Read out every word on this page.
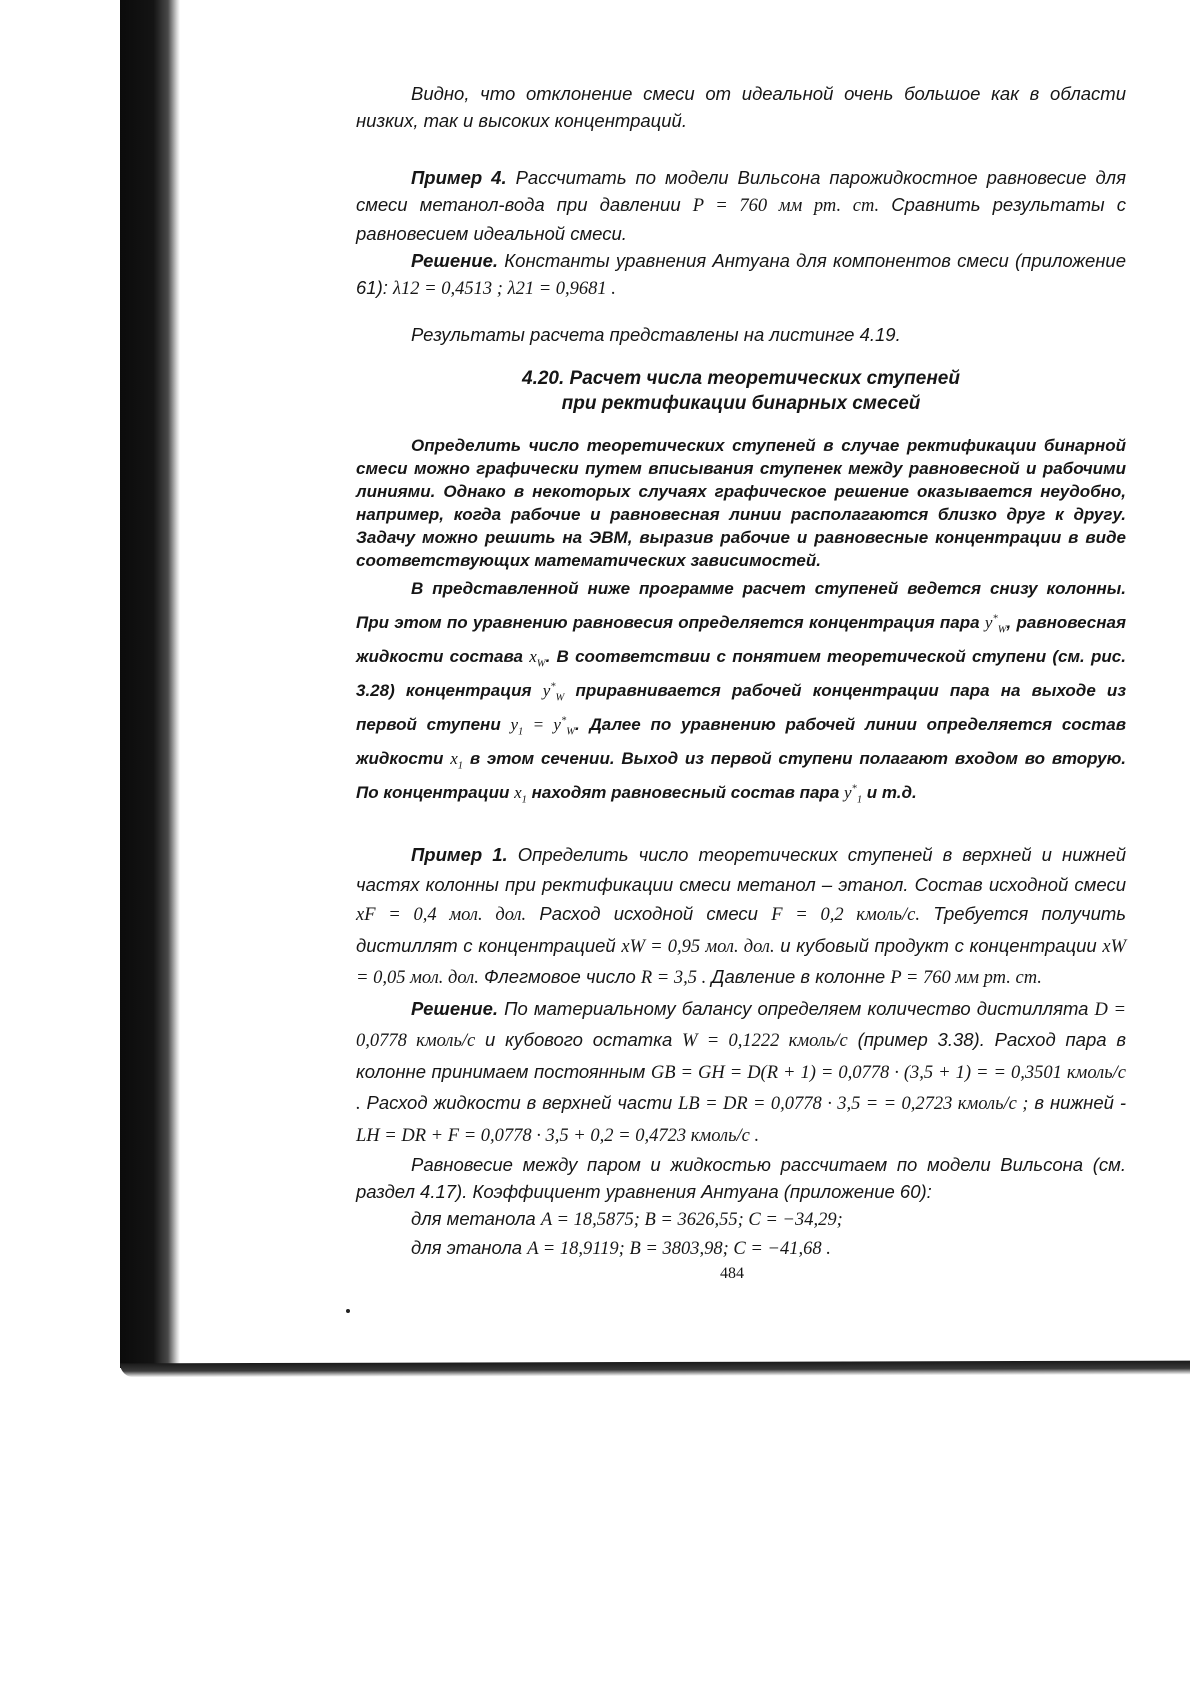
Видно, что отклонение смеси от идеальной очень большое как в области низких, так и высоких концентраций.

Пример 4. Рассчитать по модели Вильсона парожидкостное равновесие для смеси метанол-вода при давлении P = 760 мм рт. ст. Сравнить результаты с равновесием идеальной смеси.

Решение. Константы уравнения Антуана для компонентов смеси (приложение 61): λ12 = 0,4513 ; λ21 = 0,9681 .

Результаты расчета представлены на листинге 4.19.

4.20. Расчет числа теоретических ступеней
при ректификации бинарных смесей

Определить число теоретических ступеней в случае ректификации бинарной смеси можно графически путем вписывания ступенек между равновесной и рабочими линиями. Однако в некоторых случаях графическое решение оказывается неудобно, например, когда рабочие и равновесная линии располагаются близко друг к другу. Задачу можно решить на ЭВМ, выразив рабочие и равновесные концентрации в виде соответствующих математических зависимостей.

В представленной ниже программе расчет ступеней ведется снизу колонны. При этом по уравнению равновесия определяется концентрация пара $y^*_W$, равновесная жидкости состава $x_W$. В соответствии с понятием теоретической ступени (см. рис. 3.28) концентрация $y^*_W$ приравнивается рабочей концентрации пара на выходе из первой ступени $y_1 = y^*_W$. Далее по уравнению рабочей линии определяется состав жидкости $x_1$ в этом сечении. Выход из первой ступени полагают входом во вторую. По концентрации $x_1$ находят равновесный состав пара $y^*_1$ и т.д.

Пример 1. Определить число теоретических ступеней в верхней и нижней частях колонны при ректификации смеси метанол – этанол. Состав исходной смеси xF = 0,4 мол. дол. Расход исходной смеси F = 0,2 кмоль/с. Требуется получить дистиллят с концентрацией xW = 0,95 мол. дол. и кубовый продукт с концентрации xW = 0,05 мол. дол. Флегмовое число R = 3,5 . Давление в колонне P = 760 мм рт. ст.

Решение. По материальному балансу определяем количество дистиллята D = 0,0778 кмоль/с и кубового остатка W = 0,1222 кмоль/с (пример 3.38). Расход пара в колонне принимаем постоянным GВ = GН = D(R + 1) = 0,0778 · (3,5 + 1) = = 0,3501 кмоль/с . Расход жидкости в верхней части LВ = DR = 0,0778 · 3,5 = = 0,2723 кмоль/с ; в нижней - LН = DR + F = 0,0778 · 3,5 + 0,2 = 0,4723 кмоль/с .

Равновесие между паром и жидкостью рассчитаем по модели Вильсона (см. раздел 4.17). Коэффициент уравнения Антуана (приложение 60):

для метанола A = 18,5875; B = 3626,55; C = −34,29;

для этанола A = 18,9119; B = 3803,98; C = −41,68 .

484
